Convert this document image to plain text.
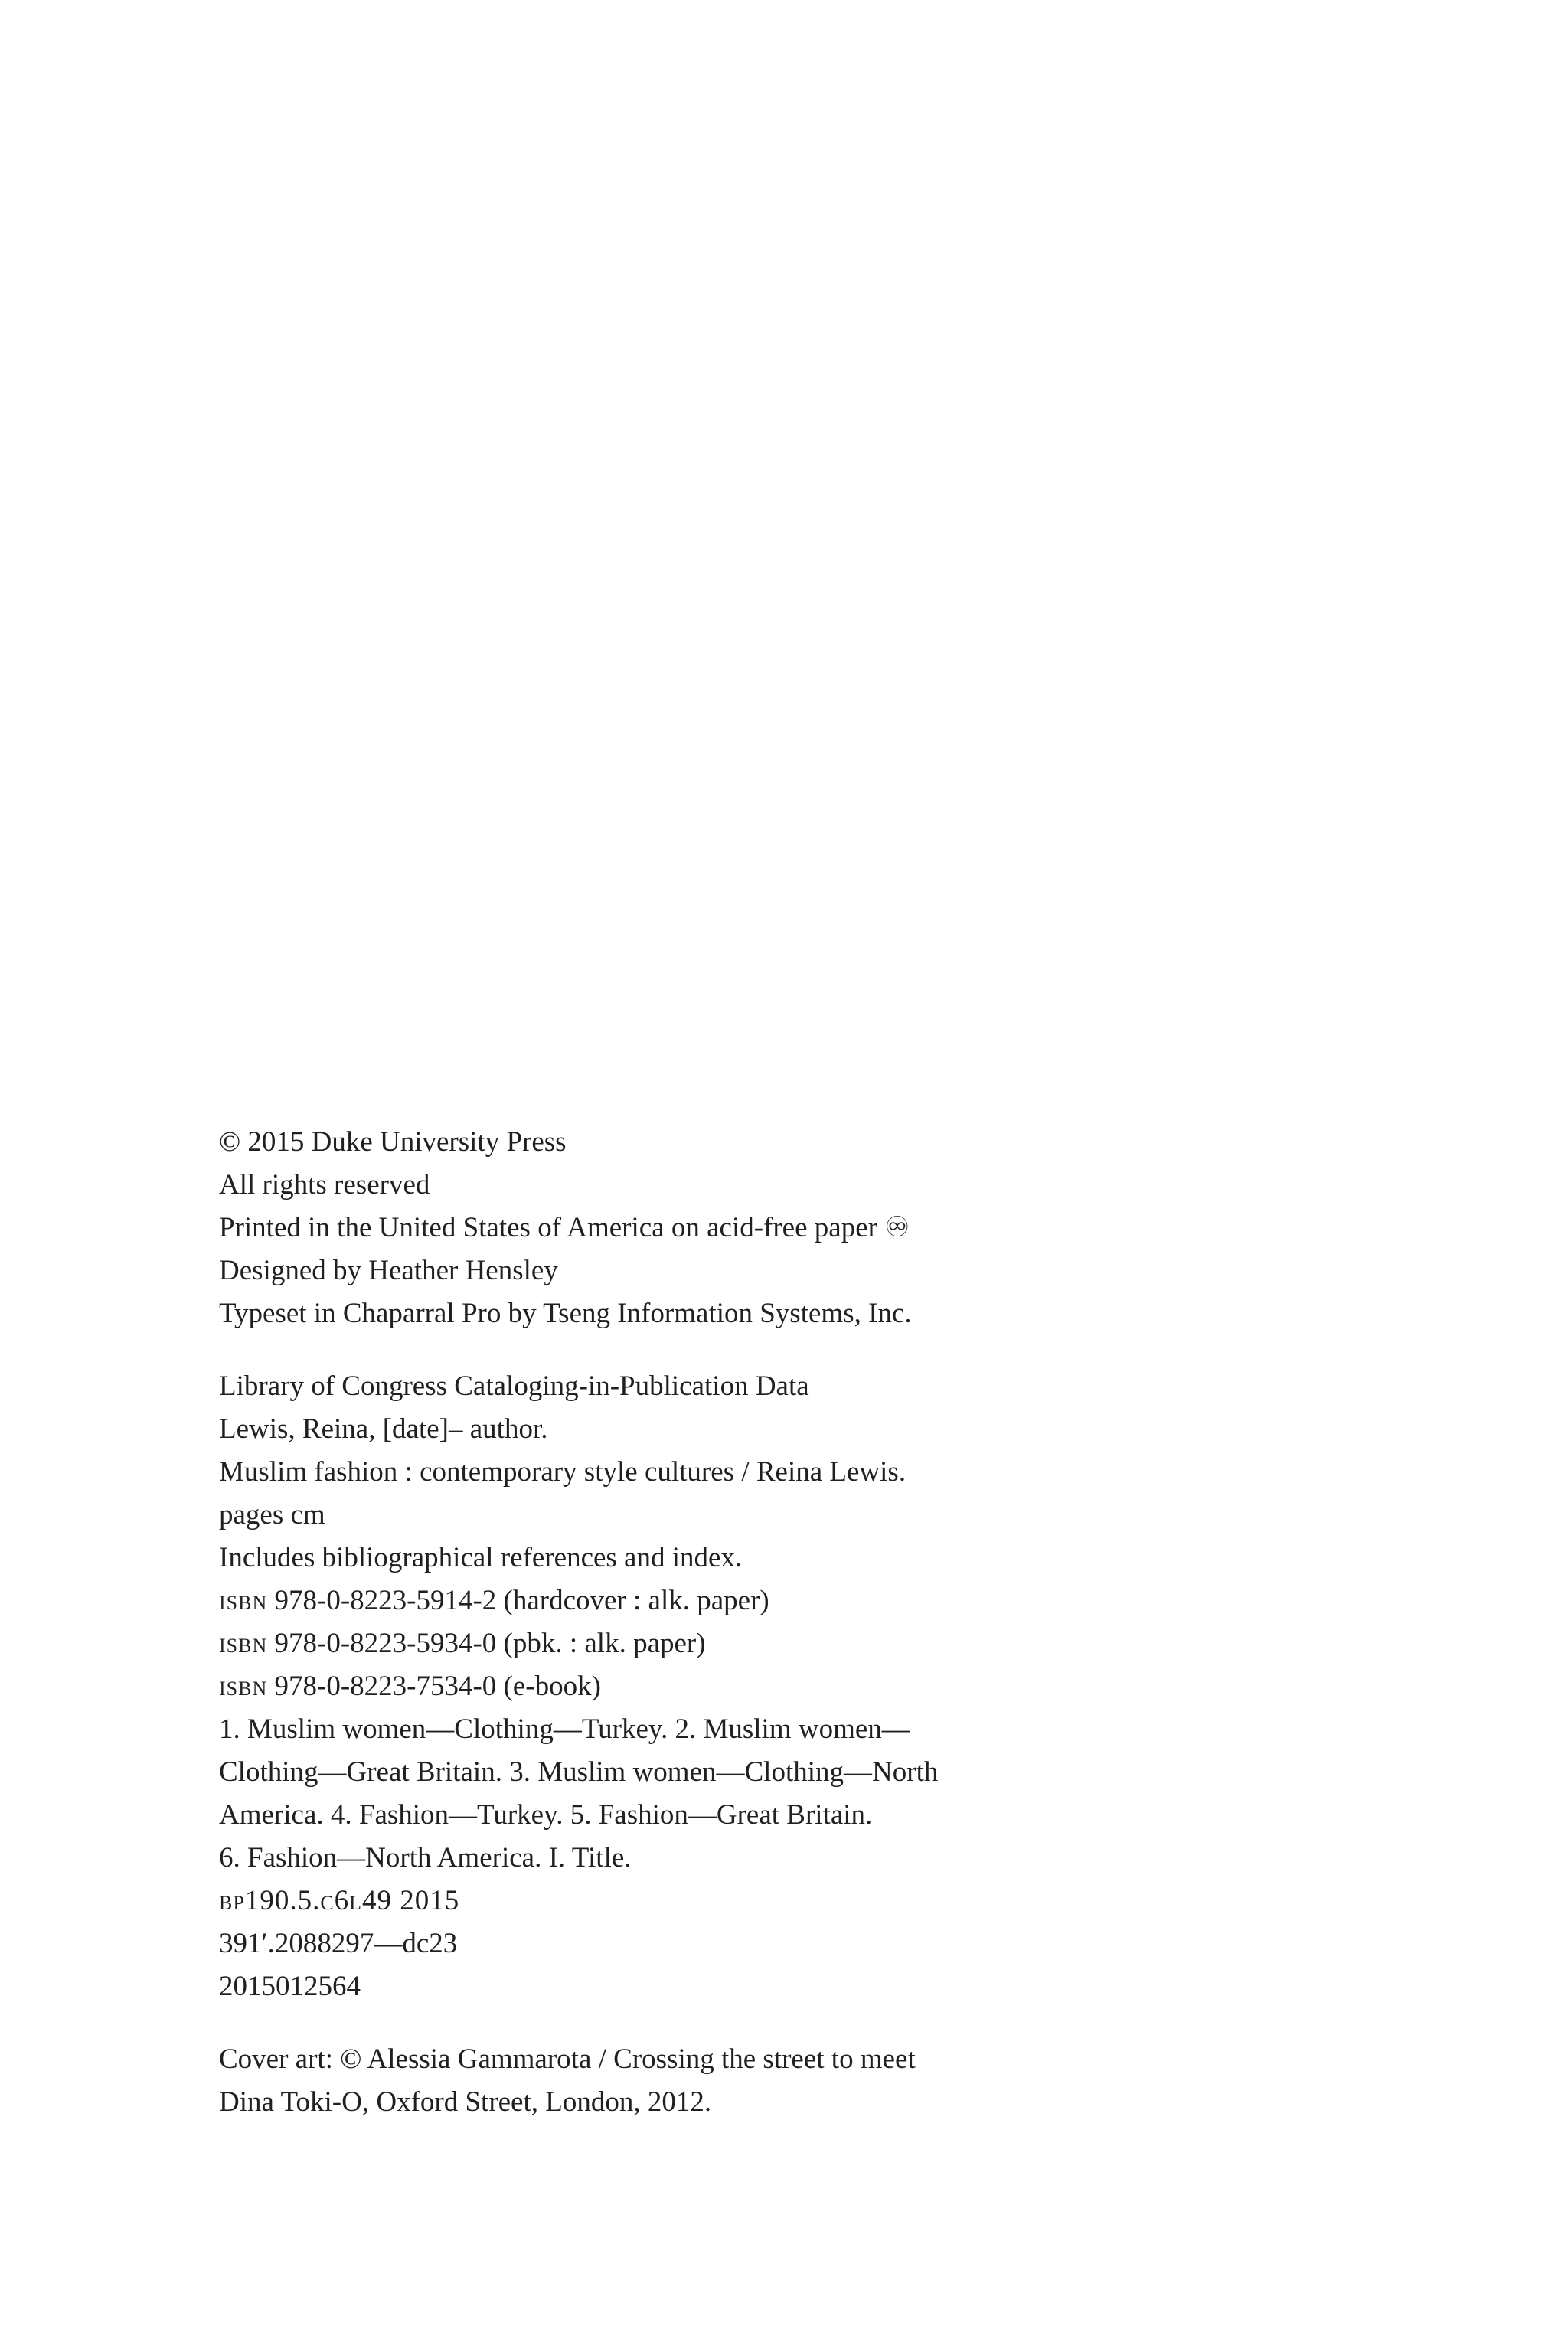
© 2015 Duke University Press
All rights reserved
Printed in the United States of America on acid-free paper ♾
Designed by Heather Hensley
Typeset in Chaparral Pro by Tseng Information Systems, Inc.
Library of Congress Cataloging-in-Publication Data
Lewis, Reina, [date]– author.
Muslim fashion : contemporary style cultures / Reina Lewis.
pages cm
Includes bibliographical references and index.
isbn 978-0-8223-5914-2 (hardcover : alk. paper)
isbn 978-0-8223-5934-0 (pbk. : alk. paper)
isbn 978-0-8223-7534-0 (e-book)
1. Muslim women—Clothing—Turkey. 2. Muslim women—
Clothing—Great Britain. 3. Muslim women—Clothing—North
America. 4. Fashion—Turkey. 5. Fashion—Great Britain.
6. Fashion—North America. I. Title.
bp190.5.c6l49 2015
391′.2088297—dc23
2015012564
Cover art: © Alessia Gammarota / Crossing the street to meet
Dina Toki-O, Oxford Street, London, 2012.
